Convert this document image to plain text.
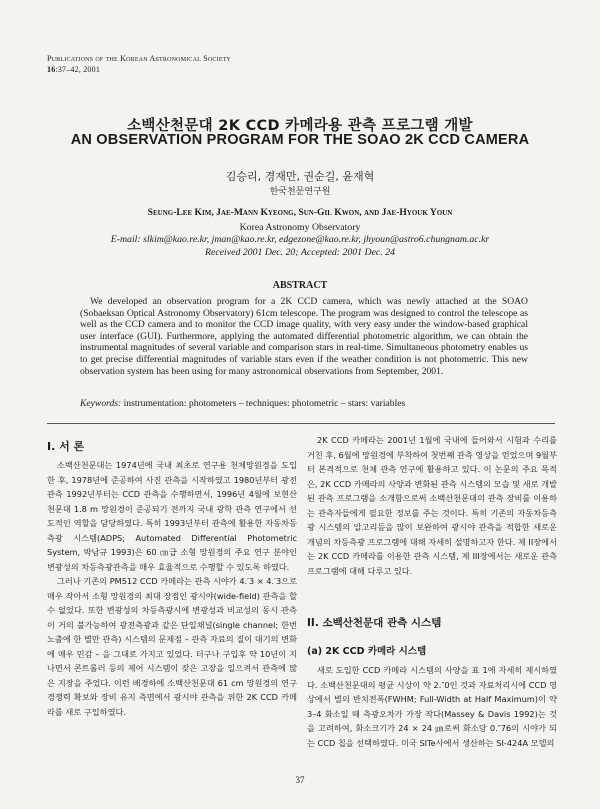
Publications of the Korean Astronomical Society
16:37–42, 2001
소백산천문대 2K CCD 카메라용 관측 프로그램 개발
AN OBSERVATION PROGRAM FOR THE SOAO 2K CCD CAMERA
김승리, 경재만, 권순길, 윤재혁
한국천문연구원
Seung-Lee Kim, Jae-Mann Kyeong, Sun-Gil Kwon, and Jae-Hyouk Youn
Korea Astronomy Observatory
E-mail: slkim@kao.re.kr, jman@kao.re.kr, edgezone@kao.re.kr, jhyoun@astro6.chungnam.ac.kr
Received 2001 Dec. 20; Accepted: 2001 Dec. 24
ABSTRACT
We developed an observation program for a 2K CCD camera, which was newly attached at the SOAO (Sobaeksan Optical Astronomy Observatory) 61cm telescope. The program was designed to control the telescope as well as the CCD camera and to monitor the CCD image quality, with very easy under the window-based graphical user interface (GUI). Furthermore, applying the automated differential photometric algorithm, we can obtain the instrumental magnitudes of several variable and comparison stars in real-time. Simultaneous photometry enables us to get precise differential magnitudes of variable stars even if the weather condition is not photometric. This new observation system has been using for many astronomical observations from September, 2001.
Keywords: instrumentation: photometers – techniques: photometric – stars: variables
I. 서 론

소백산천문대는 1974년에 국내 최초로 연구용 천체망원경을 도입한 후, 1978년에 준공하여 사진 관측을 시작하였고 1980년부터 광전 관측 1992년부터는 CCD 관측을 수행하면서, 1996년 4월에 보현산천문대 1.8 m 망원경이 준공되기 전까지 국내 광학 관측 연구에서 선도적인 역할을 담당하였다. 특히 1993년부터 관측에 활용한 자동차등측광 시스템(ADPS; Automated Differential Photometric System, 박남규 1993)은 60 ㎝급 소형 망원경의 주요 연구 분야인 변광성의 차등측광관측을 매우 효율적으로 수행할 수 있도록 하였다.

그러나 기존의 PM512 CCD 카메라는 관측 시야가 4.′3 × 4.′3으로 매우 작아서 소형 망원경의 최대 장점인 광시야(wide-field) 관측을 할 수 없었다. 또한 변광성의 차등측광시에 변광성과 비교성의 동시 관측이 거의 불가능하여 광전측광과 같은 단일채널(single channel; 한번 노출에 한 별만 관측) 시스템의 문제점 – 관측 자료의 질이 대기의 변화에 매우 민감 – 을 그대로 가지고 있었다. 더구나 구입후 약 10년이 지나면서 콘트롤러 등의 제어 시스템이 잦은 고장을 일으켜서 관측에 많은 지장을 주었다. 이런 배경하에 소백산천문대 61 cm 망원경의 연구 경쟁력 확보와 장비 유지 측면에서 광시야 관측을 위한 2K CCD 카메라를 새로 구입하였다.

2K CCD 카메라는 2001년 1월에 국내에 들어와서 시험과 수리를 거친 후, 6월에 망원경에 부착하여 첫번째 관측 영상을 얻었으며 9월부터 본격적으로 천체 관측 연구에 활용하고 있다. 이 논문의 주요 목적은, 2K CCD 카메라의 사양과 변화된 관측 시스템의 모습 및 새로 개발된 관측 프로그램을 소개함으로써 소백산천문대의 관측 장비를 이용하는 관측자들에게 필요한 정보를 주는 것이다. 특히 기존의 자동차등측광 시스템의 알고리듬을 많이 보완하여 광시야 관측을 적합한 새로운 개념의 차등측광 프로그램에 대해 자세히 설명하고자 한다. 제 II장에서는 2K CCD 카메라를 이용한 관측 시스템, 제 III장에서는 새로운 관측 프로그램에 대해 다루고 있다.

II. 소백산천문대 관측 시스템
(a) 2K CCD 카메라 시스템

새로 도입한 CCD 카메라 시스템의 사양을 표 1에 자세히 제시하였다. 소백산천문대의 평균 시상이 약 2.″0인 것과 자료처리시에 CCD 영상에서 별의 반치전폭(FWHM; Full-Width at Half Maximum)이 약 3–4 화소일 때 측광오차가 가장 작다(Massey & Davis 1992)는 것을 고려하여, 화소크기가 24 × 24 ㎛로써 화소당 0.″76의 시야가 되는 CCD 칩을 선택하였다. 미국 SITe사에서 생산하는 SI-424A 모델의

37
